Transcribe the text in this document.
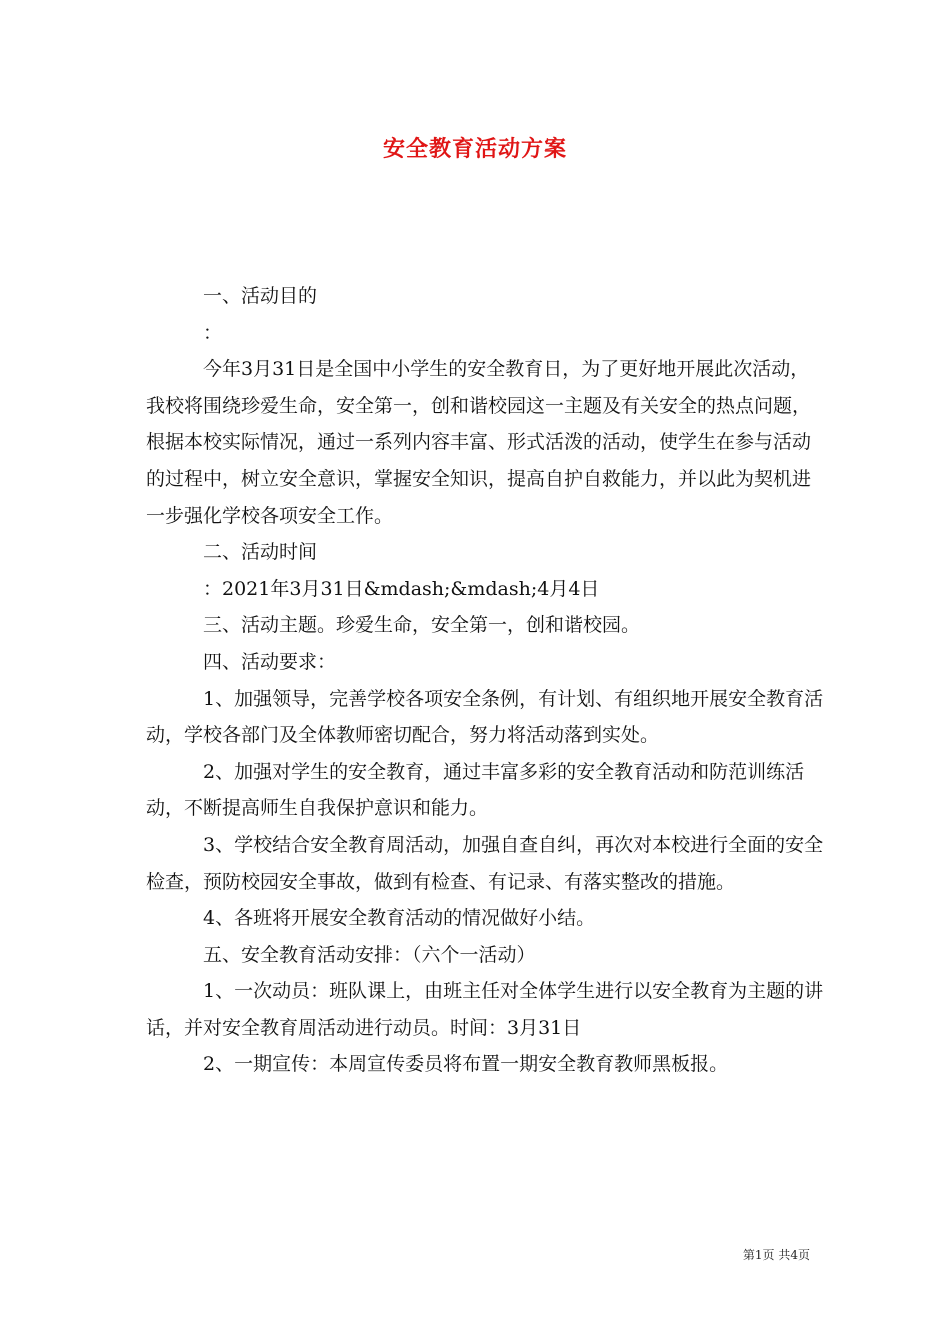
安全教育活动方案

一、活动目的

：

今年3月31日是全国中小学生的安全教育日，为了更好地开展此次活动，我校将围绕珍爱生命，安全第一，创和谐校园这一主题及有关安全的热点问题，根据本校实际情况，通过一系列内容丰富、形式活泼的活动，使学生在参与活动的过程中，树立安全意识，掌握安全知识，提高自护自救能力，并以此为契机进一步强化学校各项安全工作。

二、活动时间

：2021年3月31日&mdash;&mdash;4月4日

三、活动主题。珍爱生命，安全第一，创和谐校园。

四、活动要求：

1、加强领导，完善学校各项安全条例，有计划、有组织地开展安全教育活动，学校各部门及全体教师密切配合，努力将活动落到实处。

2、加强对学生的安全教育，通过丰富多彩的安全教育活动和防范训练活动，不断提高师生自我保护意识和能力。

3、学校结合安全教育周活动，加强自查自纠，再次对本校进行全面的安全检查，预防校园安全事故，做到有检查、有记录、有落实整改的措施。

4、各班将开展安全教育活动的情况做好小结。

五、安全教育活动安排：（六个一活动）

1、一次动员：班队课上，由班主任对全体学生进行以安全教育为主题的讲话，并对安全教育周活动进行动员。时间：3月31日

2、一期宣传：本周宣传委员将布置一期安全教育教师黑板报。

第1页 共4页
